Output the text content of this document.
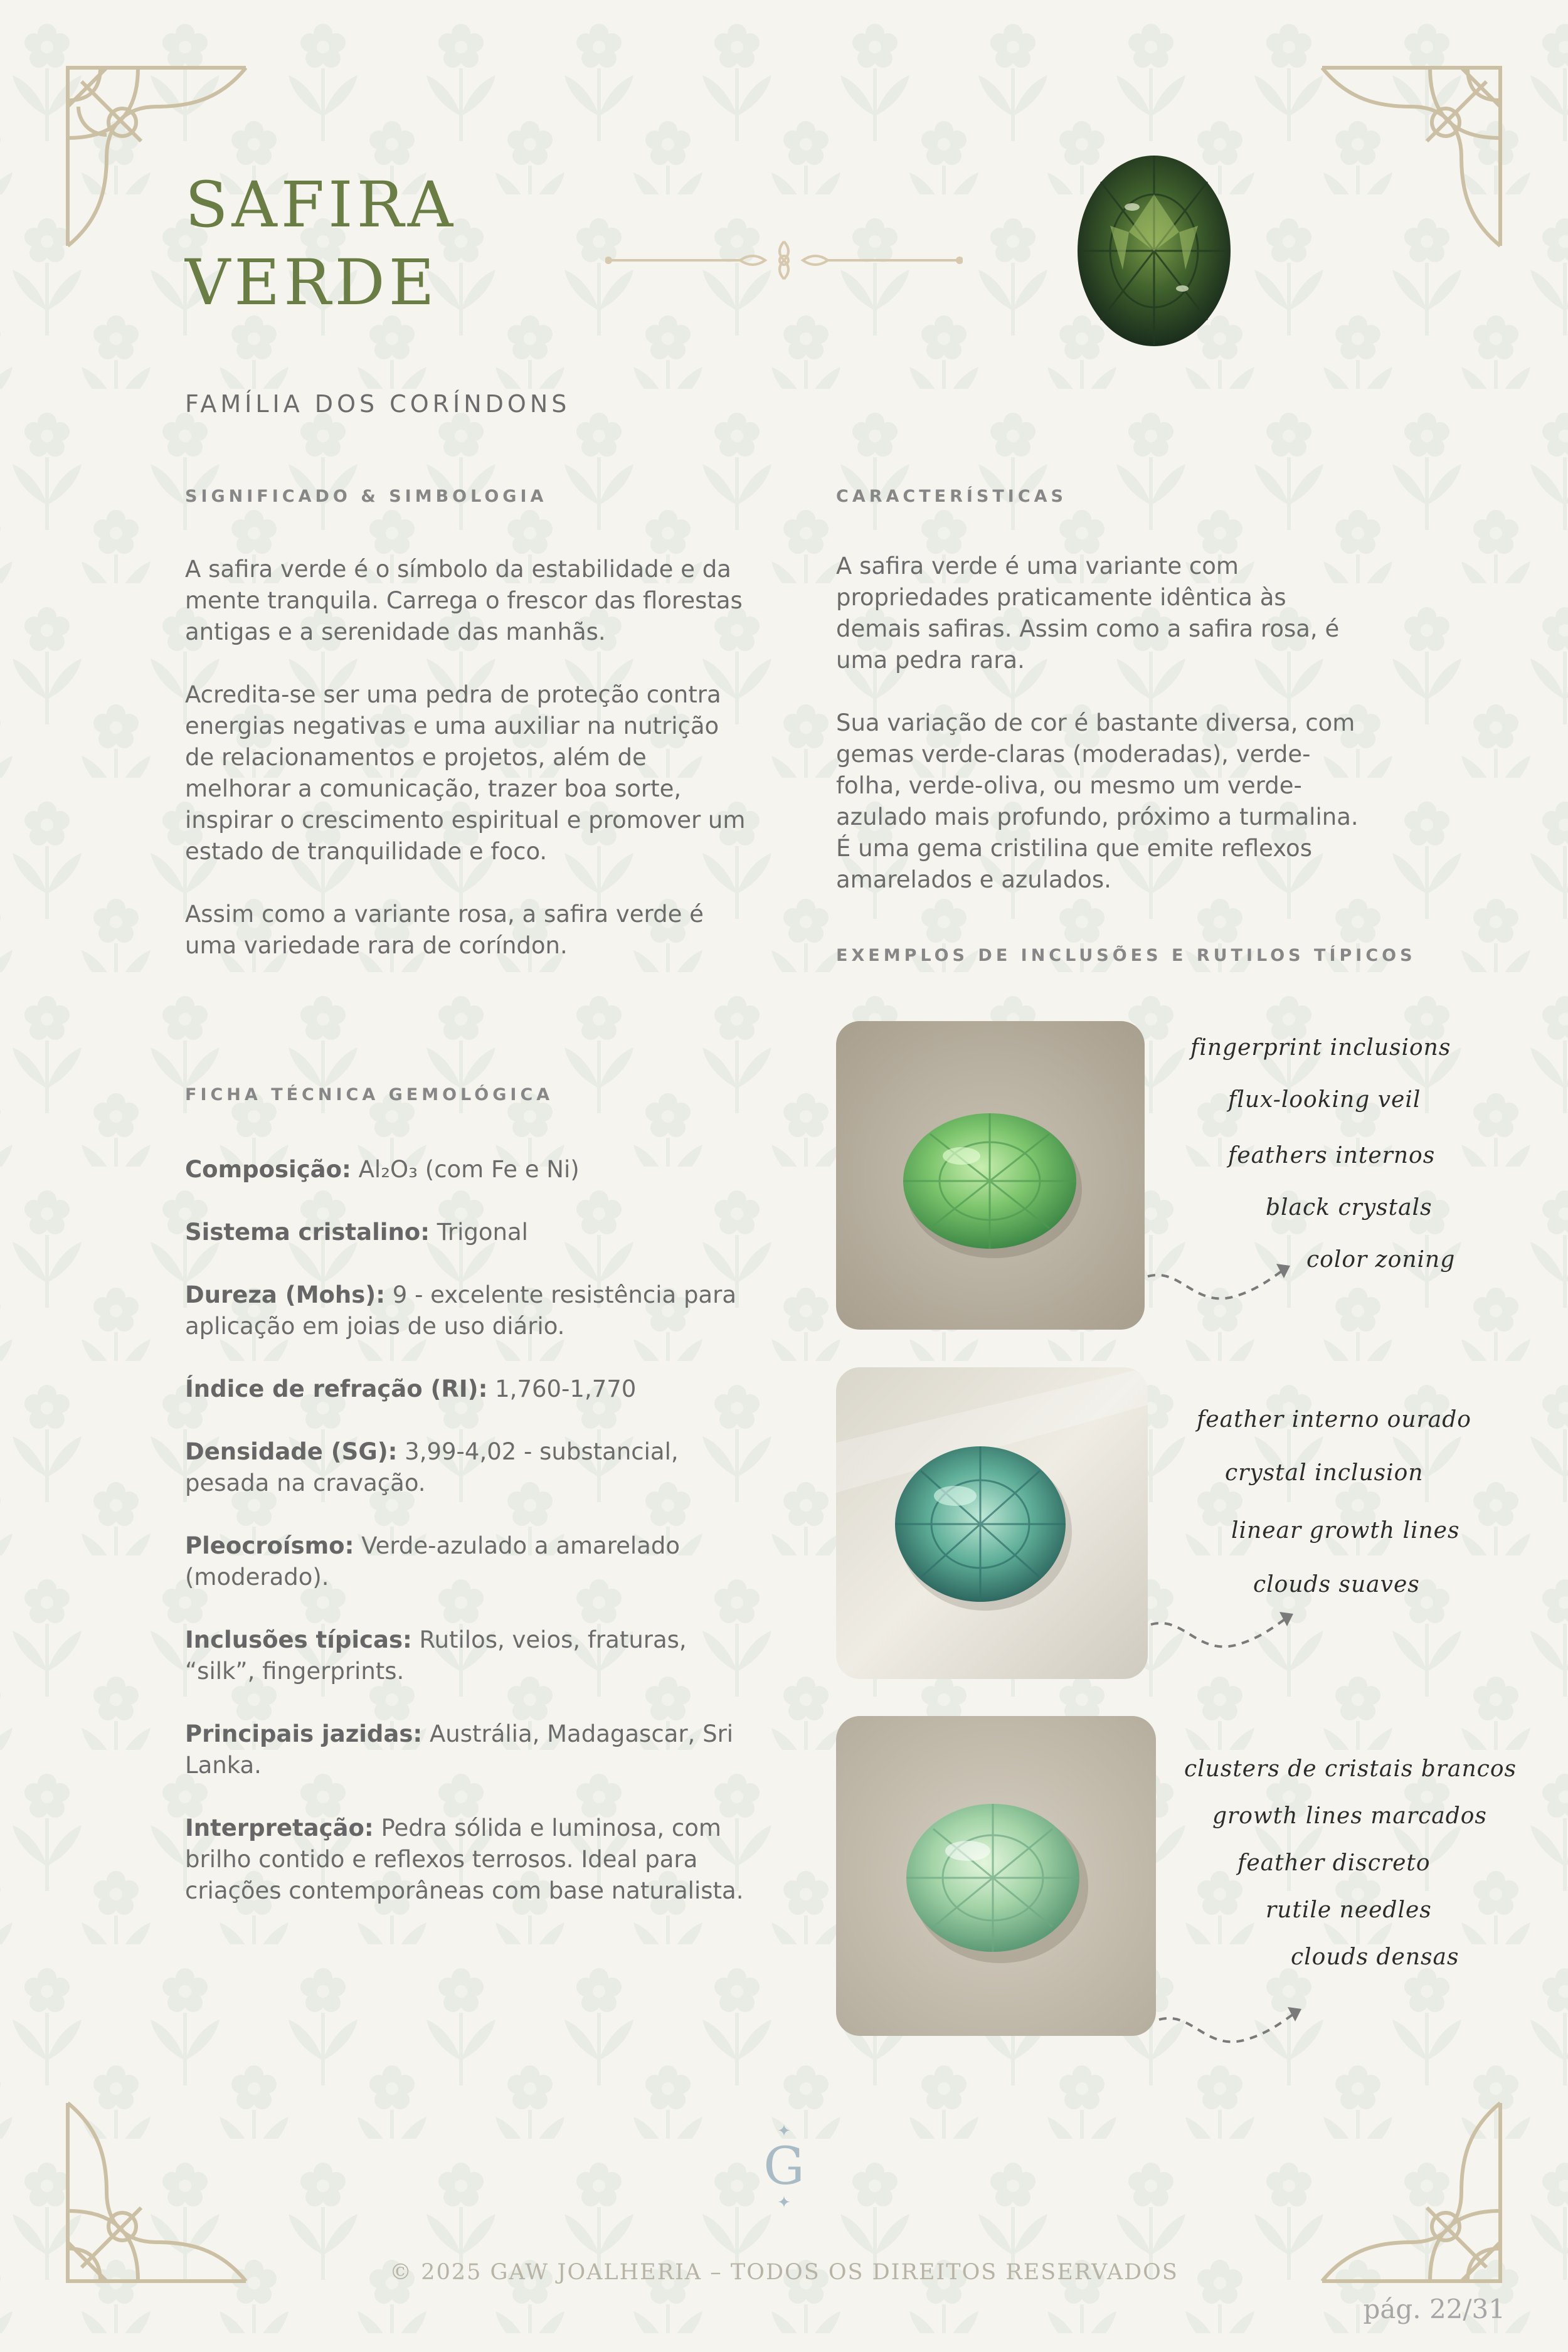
SAFIRA
VERDE
FAMÍLIA DOS CORÍNDONS
SIGNIFICADO & SIMBOLOGIA

A safira verde é o símbolo da estabilidade e da mente tranquila. Carrega o frescor das florestas antigas e a serenidade das manhãs.

Acredita-se ser uma pedra de proteção contra energias negativas e uma auxiliar na nutrição de relacionamentos e projetos, além de melhorar a comunicação, trazer boa sorte, inspirar o crescimento espiritual e promover um estado de tranquilidade e foco.

Assim como a variante rosa, a safira verde é uma variedade rara de coríndon.

CARACTERÍSTICAS

A safira verde é uma variante com propriedades praticamente idêntica às demais safiras. Assim como a safira rosa, é uma pedra rara.

Sua variação de cor é bastante diversa, com gemas verde-claras (moderadas), verde-folha, verde-oliva, ou mesmo um verde-azulado mais profundo, próximo a turmalina. É uma gema cristilina que emite reflexos amarelados e azulados.

FICHA TÉCNICA GEMOLÓGICA

Composição: Al₂O₃ (com Fe e Ni)

Sistema cristalino: Trigonal

Dureza (Mohs): 9 - excelente resistência para aplicação em joias de uso diário.

Índice de refração (RI): 1,760-1,770

Densidade (SG): 3,99-4,02 - substancial, pesada na cravação.

Pleocroísmo: Verde-azulado a amarelado (moderado).

Inclusões típicas: Rutilos, veios, fraturas, “silk”, fingerprints.

Principais jazidas: Austrália, Madagascar, Sri Lanka.

Interpretação: Pedra sólida e luminosa, com brilho contido e reflexos terrosos. Ideal para criações contemporâneas com base naturalista.

EXEMPLOS DE INCLUSÕES E RUTILOS TÍPICOS
fingerprint inclusions
flux-looking veil
feathers internos
black crystals
color zoning
feather interno ourado
crystal inclusion
linear growth lines
clouds suaves
clusters de cristais brancos
growth lines marcados
feather discreto
rutile needles
clouds densas
✦
G
✦
© 2025 GAW JOALHERIA – TODOS OS DIREITOS RESERVADOS
pág. 22/31
